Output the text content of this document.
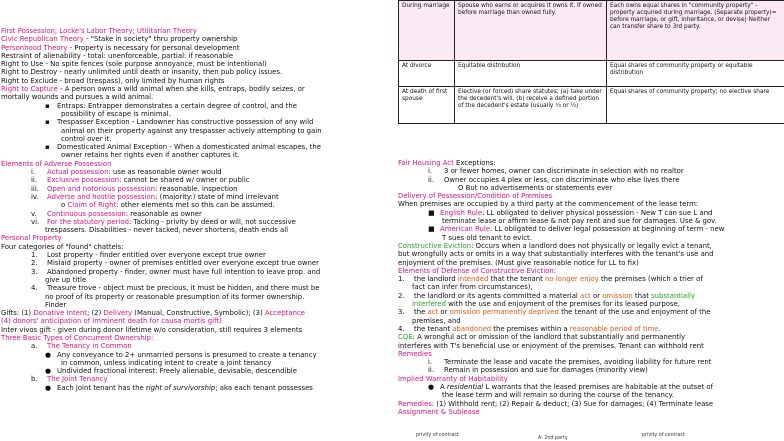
First Possession; Locke's Labor Theory; Utilitarian Theory
Civic Republican Theory - "Stake in society" thru property ownership
Personhood Theory - Property is necessary for personal development
Restraint of alienability - total: unenforceable, partial: if reasonable
Right to Use - No spite fences (sole purpose annoyance, must be intentional)
Right to Destroy - nearly unlimited until death or insanity, then pub policy issues.
Right to Exclude - broad (trespass), only limited by human rights
Right to Capture - A person owns a wild animal when she kills, entraps, bodily seizes, or
mortally wounds and pursues a wild animal.
▪ Entraps: Entrapper demonstrates a certain degree of control, and the
possibility of escape is minimal.
▪ Trespasser Exception - Landowner has constructive possession of any wild
animal on their property against any trespasser actively attempting to gain
control over it.
▪ Domesticated Animal Exception - When a domesticated animal escapes, the
owner retains her rights even if another captures it.
Elements of Adverse Possession
i. Actual possession: use as reasonable owner would
ii. Exclusive possession: cannot be shared w/ owner or public
iii. Open and notorious possession: reasonable. inspection
iv. Adverse and hostile possession: (majority:) state of mind irrelevant
o Claim of Right: other elements met so this can be assumed.
v. Continuous possession: reasonable as owner
vi. For the statutory period: Tacking - privity by deed or will, not successive
trespassers. Disabilities - never tacked, never shortens, death ends all
Personal Property
Four categories of "found" chattels:
1. Lost property - finder entitled over everyone except true owner
2. Mislaid property - owner of premises entitled over everyone except true owner
3. Abandoned property - finder, owner must have full intention to leave prop. and
give up title
4. Treasure trove - object must be precious, it must be hidden, and there must be
no proof of its property or reasonable presumption of its former ownership.
Finder
Gifts: (1) Donative Intent; (2) Delivery (Manual, Constructive, Symbolic); (3) Acceptance
(4) donors' anticipation of imminent death for causa mortis gift)
Inter vivos gift - given during donor lifetime w/o consideration, still requires 3 elements
Three Basic Types of Concurrent Ownership:
a. The Tenancy in Common
● Any conveyance to 2+ unmarried persons is presumed to create a tenancy
in common, unless indicating intent to create a joint tenancy
● Undivided fractional interest: Freely alienable, devisable, descendible
b. The Joint Tenancy
● Each joint tenant has the right of survivorship; aka each tenant possesses
During marriage	Spouse who earns or acquires it owns it. If owned before marriage than owned fully.	Each owns equal shares in "community property" - property acquired during marriage. (Separate property)= before marriage, or gift, inheritance, or devise) Neither can transfer share to 3rd party.
At divorce	Equitable distribution	Equal shares of community property or equitable distribution
At death of first spouse	Elective (or forced) share statutes; (a) take under the decedent's will, (b) receive a defined portion of the decedent's estate (usually ⅓ or ½)	Equal shares of community property; no elective share
Fair Housing Act Exceptions:
i. 3 or fewer homes, owner can discriminate in selection with no realtor
ii. Owner occupies 4 plex or less, can discriminate who else lives there
O But no advertisements or statements ever
Delivery of Possession/Condition of Premises
When premises are occupied by a third party at the commencement of the lease term:
■ English Rule: LL obligated to deliver physical possession - New T can sue L and
terminate lease or affirm lease & not pay rent and sue for damages. Use & gov.
■ American Rule: LL obligated to deliver legal possession at beginning of term - new
T sues old tenant to evict.
Constructive Eviction: Occurs when a landlord does not physically or legally evict a tenant,
but wrongfully acts or omits in a way that substantially interferes with the tenant's use and
enjoyment of the premises. (Must give reasonable notice for LL to fix)
Elements of Defense of Constructive Eviction:
1. the landlord intended that the tenant no longer enjoy the premises (which a trier of
fact can infer from circumstances),
2. the landlord or its agents committed a material act or omission that substantially
interfered with the use and enjoyment of the premises for its leased purpose,
3. the act or omission permanently deprived the tenant of the use and enjoyment of the
premises, and
4. the tenant abandoned the premises within a reasonable period of time.
CQE: A wrongful act or omission of the landlord that substantially and permanently
interferes with T's beneficial use or enjoyment of the premises. Tenant can withhold rent
Remedies
i. Terminate the lease and vacate the premises, avoiding liability for future rent
ii. Remain in possession and sue for damages (minority view)
Implied Warranty of Habitability
● A residential L warrants that the leased premises are habitable at the outset of
the lease term and will remain so during the course of the tenancy.
Remedies: (1) Withhold rent; (2) Repair & deduct; (3) Sue for damages; (4) Terminate lease
Assignment & Sublease
privity of contract
A: 2nd party
privity of contract
